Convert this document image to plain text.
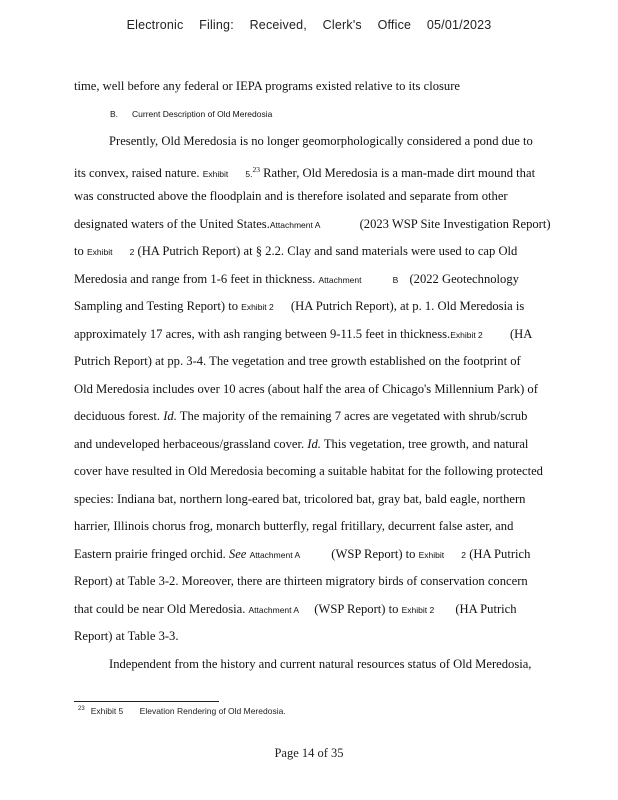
Electronic Filing: Received, Clerk's Office 05/01/2023
time, well before any federal or IEPA programs existed relative to its closure
B. Current Description of Old Meredosia
Presently, Old Meredosia is no longer geomorphologically considered a pond due to
its convex, raised nature. Exhibit 5.23 Rather, Old Meredosia is a man-made dirt mound that
was constructed above the floodplain and is therefore isolated and separate from other
designated waters of the United States.Attachment A	(2023 WSP Site Investigation Report)
to Exhibit 2 (HA Putrich Report) at § 2.2. Clay and sand materials were used to cap Old
Meredosia and range from 1-6 feet in thickness. Attachment	B (2022 Geotechnology
Sampling and Testing Report) to Exhibit 2 (HA Putrich Report), at p. 1. Old Meredosia is
approximately 17 acres, with ash ranging between 9-11.5 feet in thickness.Exhibit 2 (HA
Putrich Report) at pp. 3-4. The vegetation and tree growth established on the footprint of
Old Meredosia includes over 10 acres (about half the area of Chicago's Millennium Park) of
deciduous forest. Id. The majority of the remaining 7 acres are vegetated with shrub/scrub
and undeveloped herbaceous/grassland cover. Id. This vegetation, tree growth, and natural
cover have resulted in Old Meredosia becoming a suitable habitat for the following protected
species: Indiana bat, northern long-eared bat, tricolored bat, gray bat, bald eagle, northern
harrier, Illinois chorus frog, monarch butterfly, regal fritillary, decurrent false aster, and
Eastern prairie fringed orchid. See Attachment A (WSP Report) to Exhibit 2 (HA Putrich
Report) at Table 3-2. Moreover, there are thirteen migratory birds of conservation concern
that could be near Old Meredosia. Attachment A (WSP Report) to Exhibit 2 (HA Putrich
Report) at Table 3-3.
Independent from the history and current natural resources status of Old Meredosia,
$^{23}$ Exhibit 5 Elevation Rendering of Old Meredosia.
Page 14 of 35
